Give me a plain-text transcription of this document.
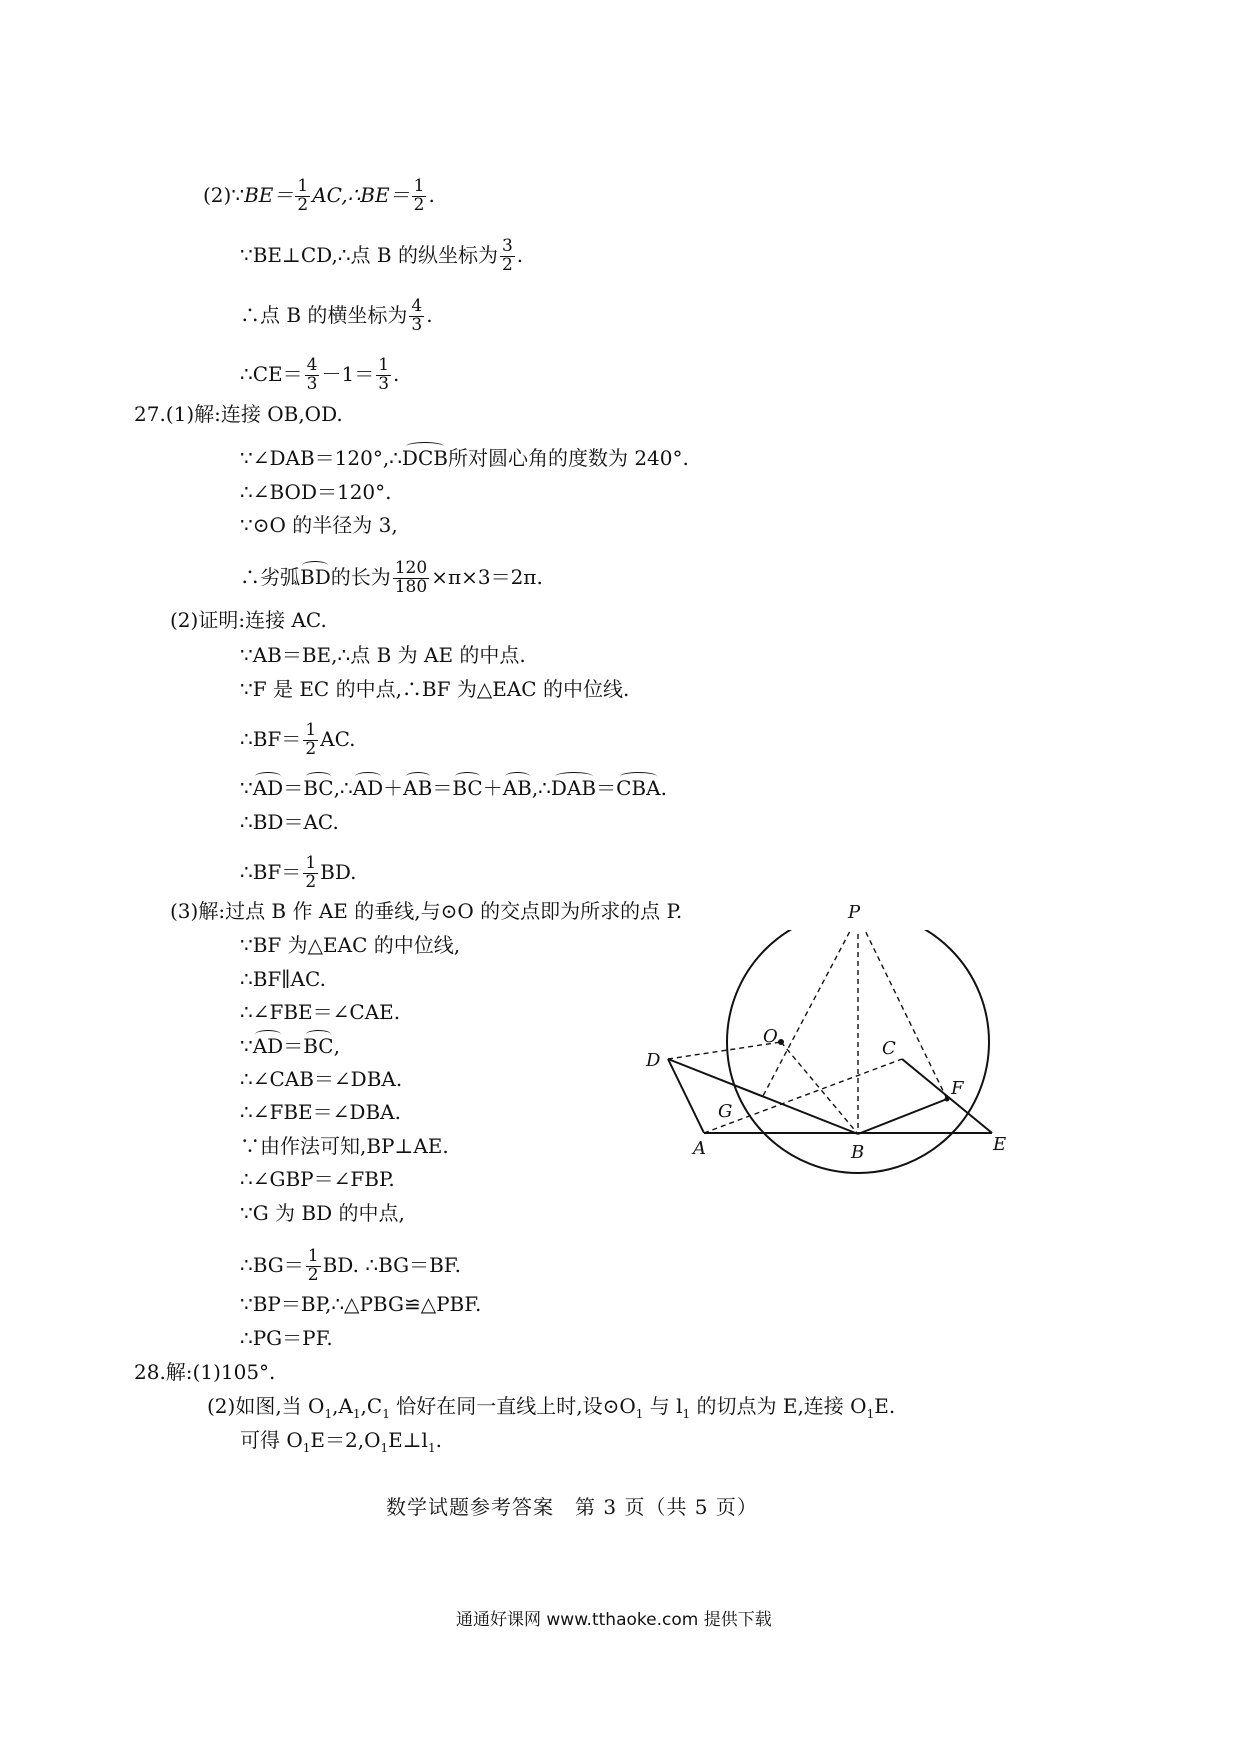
(2)∵BE＝ $\frac{1}{2}$ AC,∴BE＝ $\frac{1}{2}$ .
∵BE⊥CD,∴点 B 的纵坐标为 $\frac{3}{2}$ .
∴点 B 的横坐标为 $\frac{4}{3}$ .
∴CE＝ $\frac{4}{3} -1= \frac{1}{3}$ .
27.(1)解:连接 OB,OD.
∵∠DAB＝120°,∴DCB所对圆心角的度数为 240°.
∴∠BOD＝120°.
∵⊙O 的半径为 3,
∴劣弧BD的长为 $\frac{120}{180} \times\pi\times 3=2\pi$.
(2)证明:连接 AC.
∵AB＝BE,∴点 B 为 AE 的中点.
∵F 是 EC 的中点,∴BF 为△EAC 的中位线.
∴BF＝ $\frac{1}{2}$ AC.
∵AD＝BC,∴AD＋AB＝BC＋AB,∴DAB＝CBA.
∴BD＝AC.
∴BF＝ $\frac{1}{2}$ BD.
(3)解:过点 B 作 AE 的垂线,与⊙O 的交点即为所求的点 P.
∵BF 为△EAC 的中位线,
∴BF∥AC.
∴∠FBE＝∠CAE.
∵AD＝BC,
∴∠CAB＝∠DBA.
∴∠FBE＝∠DBA.
∵由作法可知,BP⊥AE.
∴∠GBP＝∠FBP.
∵G 为 BD 的中点,
∴BG＝ $\frac{1}{2}$ BD. ∴BG＝BF.
∵BP＝BP,∴△PBG≌△PBF.
∴PG＝PF.
28.解:(1)105°.
(2)如图,当 $O_1,A_1,C_1$ 恰好在同一直线上时,设$⊙O_1$ 与 $l_1$ 的切点为 E,连接 $O_1E$.
可得 $O_1E=2,O_1E\perp l_1$.
数学试题参考答案　第 3 页（共 5 页）
通通好课网 www.tthaoke.com 提供下载
P
O
C
D
F
G
A	B	E
